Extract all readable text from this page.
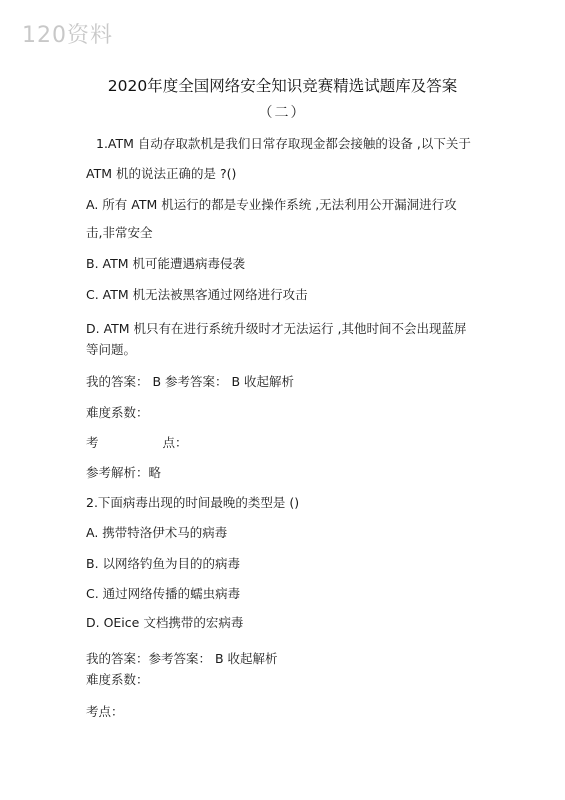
120资料
2020年度全国网络安全知识竞赛精选试题库及答案
（二）
1.ATM 自动存取款机是我们日常存取现金都会接触的设备 ,以下关于
ATM 机的说法正确的是 ?()
A. 所有 ATM 机运行的都是专业操作系统 ,无法利用公开漏洞进行攻
击,非常安全
B. ATM 机可能遭遇病毒侵袭
C. ATM 机无法被黑客通过网络进行攻击
D. ATM 机只有在进行系统升级时才无法运行 ,其他时间不会出现蓝屏
等问题。
我的答案： B 参考答案： B 收起解析
难度系数：
考	点：
参考解析：略
2.下面病毒出现的时间最晚的类型是 ()
A. 携带特洛伊术马的病毒
B. 以网络钓鱼为目的的病毒
C. 通过网络传播的蠕虫病毒
D. OEice 文档携带的宏病毒
我的答案：参考答案： B 收起解析
难度系数：
考点：
